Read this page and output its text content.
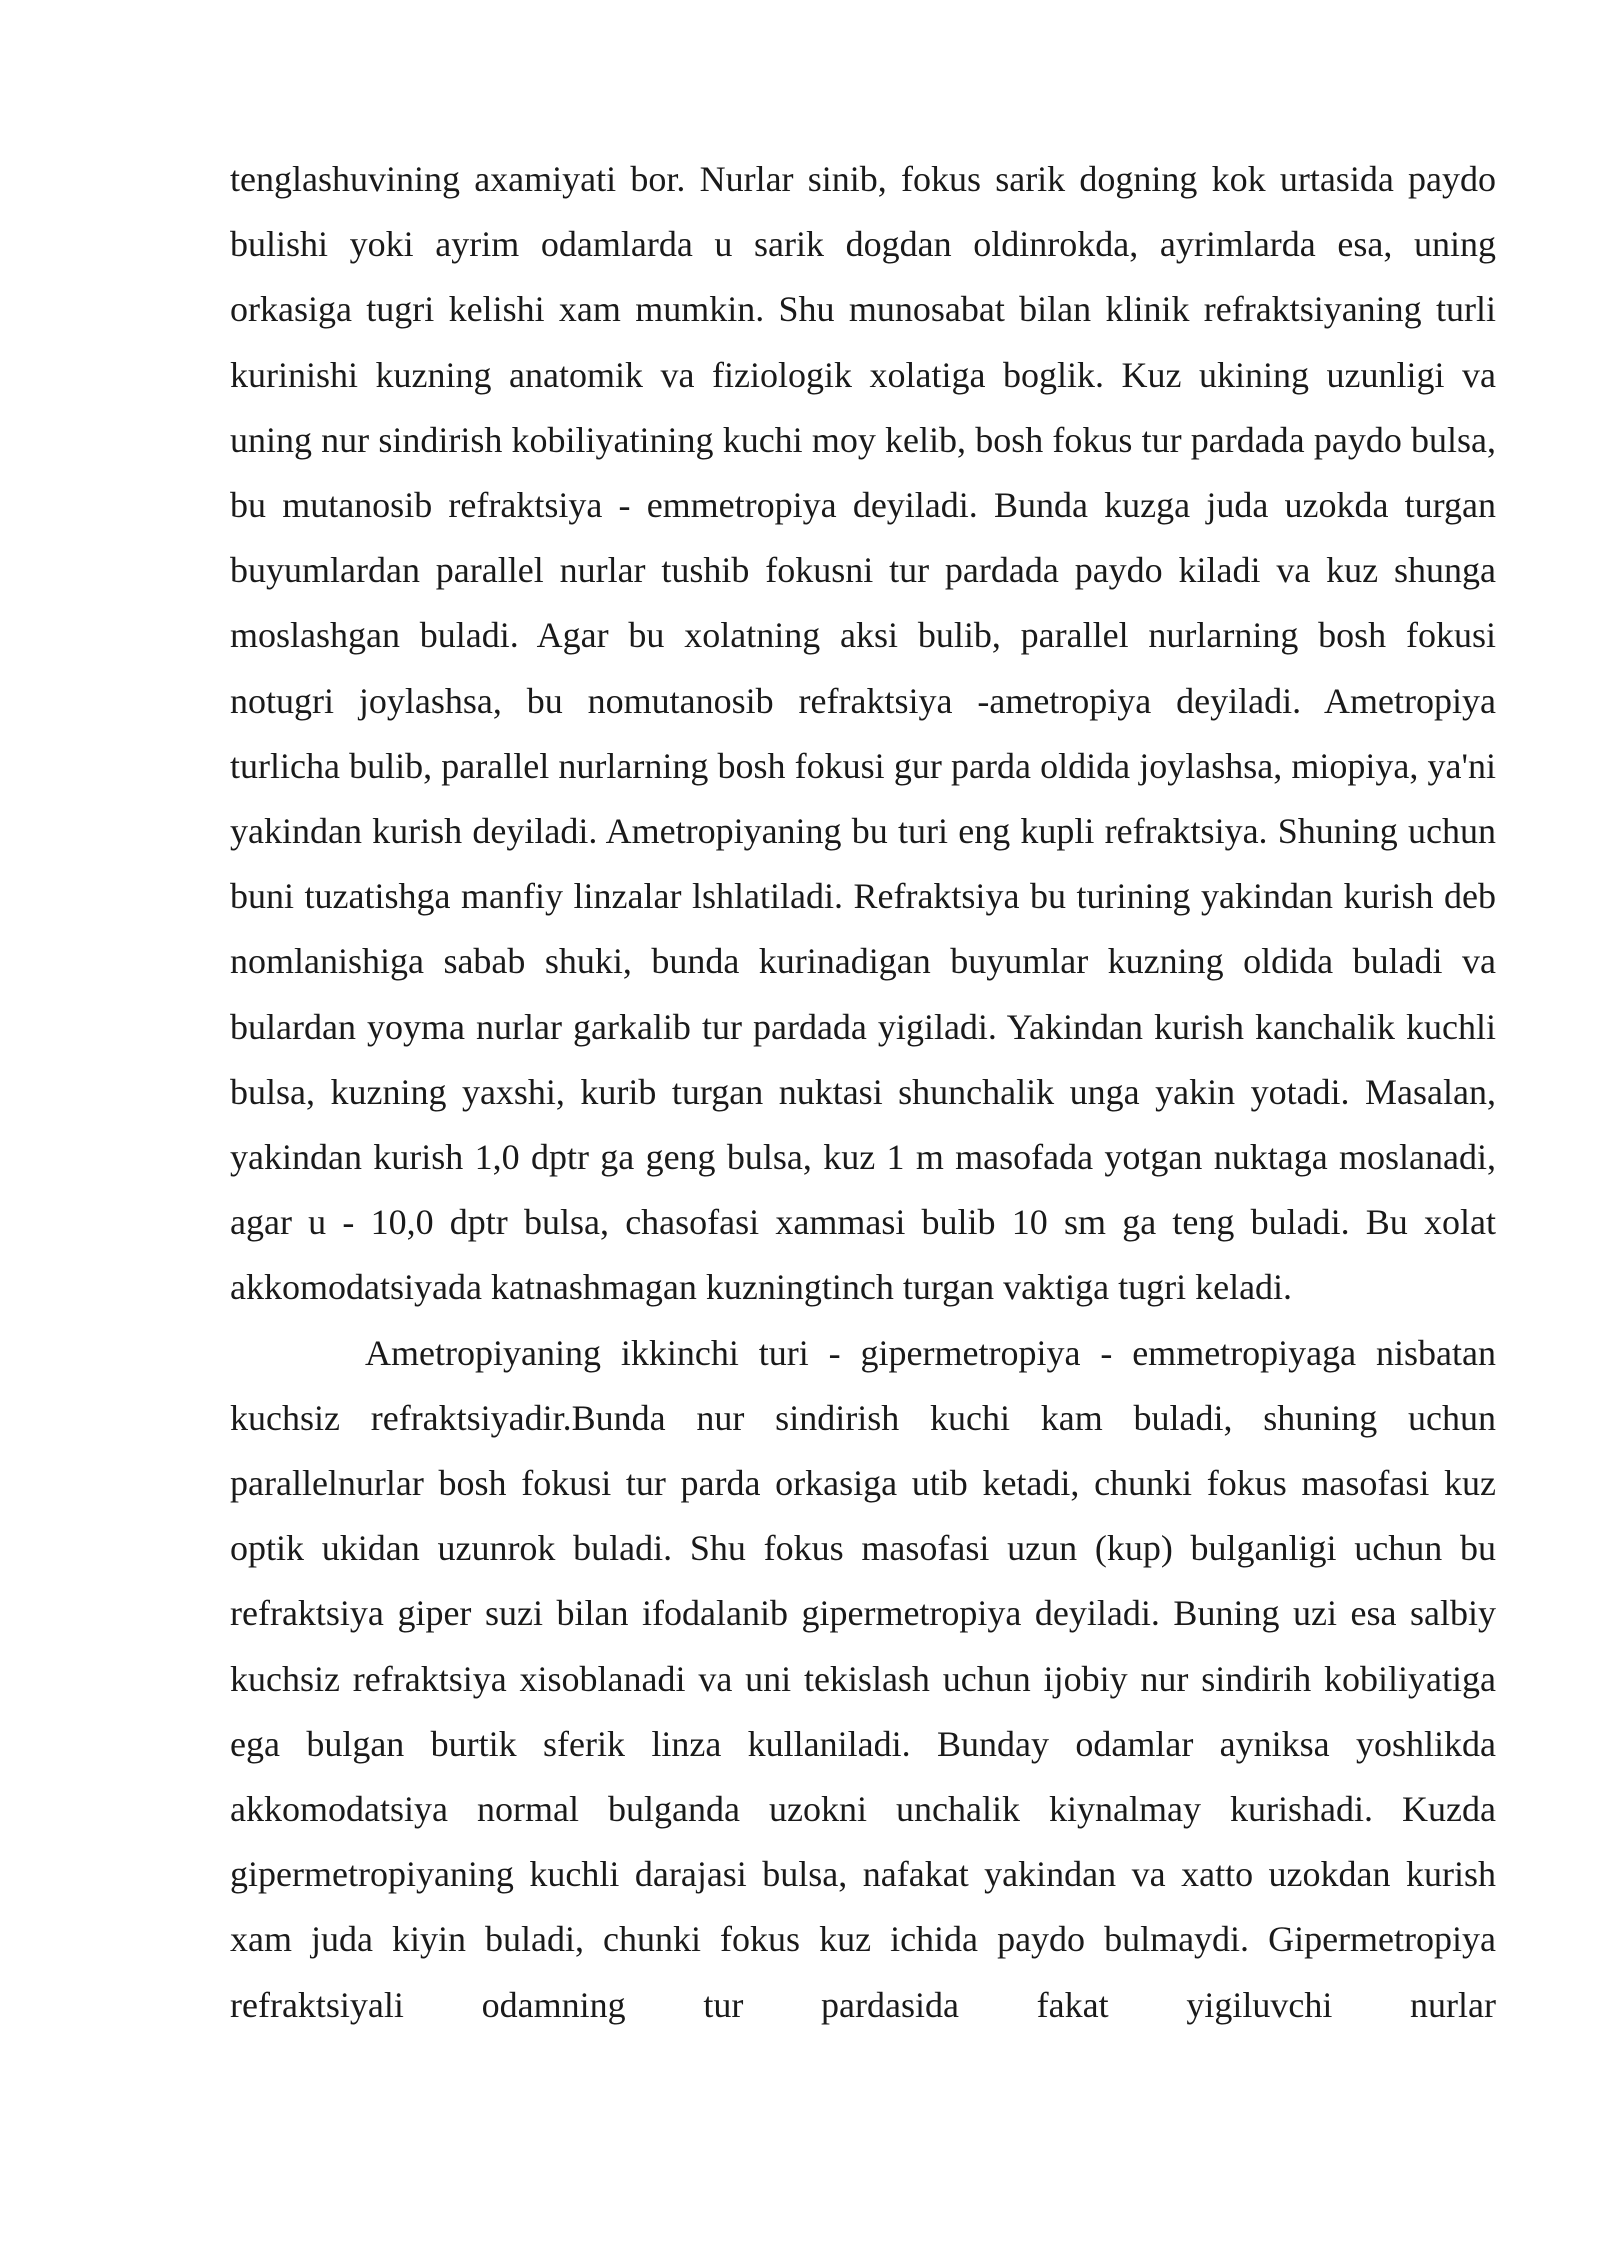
tenglashuvining axamiyati bor. Nurlar sinib, fokus sarik dogning kok urtasida paydo bulishi yoki ayrim odamlarda u sarik dogdan oldinrokda, ayrimlarda esa, uning orkasiga tugri kelishi xam mumkin. Shu munosabat bilan klinik refraktsiyaning turli kurinishi kuzning anatomik va fiziologik xolatiga boglik. Kuz ukining uzunligi va uning nur sindirish kobiliyatining kuchi moy kelib, bosh fokus tur pardada paydo bulsa, bu mutanosib refraktsiya - emmetropiya deyiladi. Bunda kuzga juda uzokda turgan buyumlardan parallel nurlar tushib fokusni tur pardada paydo kiladi va kuz shunga moslashgan buladi. Agar bu xolatning aksi bulib, parallel nurlarning bosh fokusi notugri joylashsa, bu nomutanosib refraktsiya -ametropiya deyiladi. Ametropiya turlicha bulib, parallel nurlarning bosh fokusi gur parda oldida joylashsa, miopiya, ya'ni yakindan kurish deyiladi. Ametropiyaning bu turi eng kupli refraktsiya. Shuning uchun buni tuzatishga manfiy linzalar lshlatiladi. Refraktsiya bu turining yakindan kurish deb nomlanishiga sabab shuki, bunda kurinadigan buyumlar kuzning oldida buladi va bulardan yoyma nurlar garkalib tur pardada yigiladi. Yakindan kurish kanchalik kuchli bulsa, kuzning yaxshi, kurib turgan nuktasi shunchalik unga yakin yotadi. Masalan, yakindan kurish 1,0 dptr ga geng bulsa, kuz 1 m masofada yotgan nuktaga moslanadi, agar u - 10,0 dptr bulsa, chasofasi xammasi bulib 10 sm ga teng buladi. Bu xolat akkomodatsiyada katnashmagan kuzningtinch turgan vaktiga tugri keladi.

Ametropiyaning ikkinchi turi - gipermetropiya - emmetropiyaga nisbatan kuchsiz refraktsiyadir.Bunda nur sindirish kuchi kam buladi, shuning uchun parallelnurlar bosh fokusi tur parda orkasiga utib ketadi, chunki fokus masofasi kuz optik ukidan uzunrok buladi. Shu fokus masofasi uzun (kup) bulganligi uchun bu refraktsiya giper suzi bilan ifodalanib gipermetropiya deyiladi. Buning uzi esa salbiy kuchsiz refraktsiya xisoblanadi va uni tekislash uchun ijobiy nur sindirih kobiliyatiga ega bulgan burtik sferik linza kullaniladi. Bunday odamlar ayniksa yoshlikda akkomodatsiya normal bulganda uzokni unchalik kiynalmay kurishadi. Kuzda gipermetropiyaning kuchli darajasi bulsa, nafakat yakindan va xatto uzokdan kurish xam juda kiyin buladi, chunki fokus kuz ichida paydo bulmaydi. Gipermetropiya refraktsiyali odamning tur pardasida fakat yigiluvchi nurlar
